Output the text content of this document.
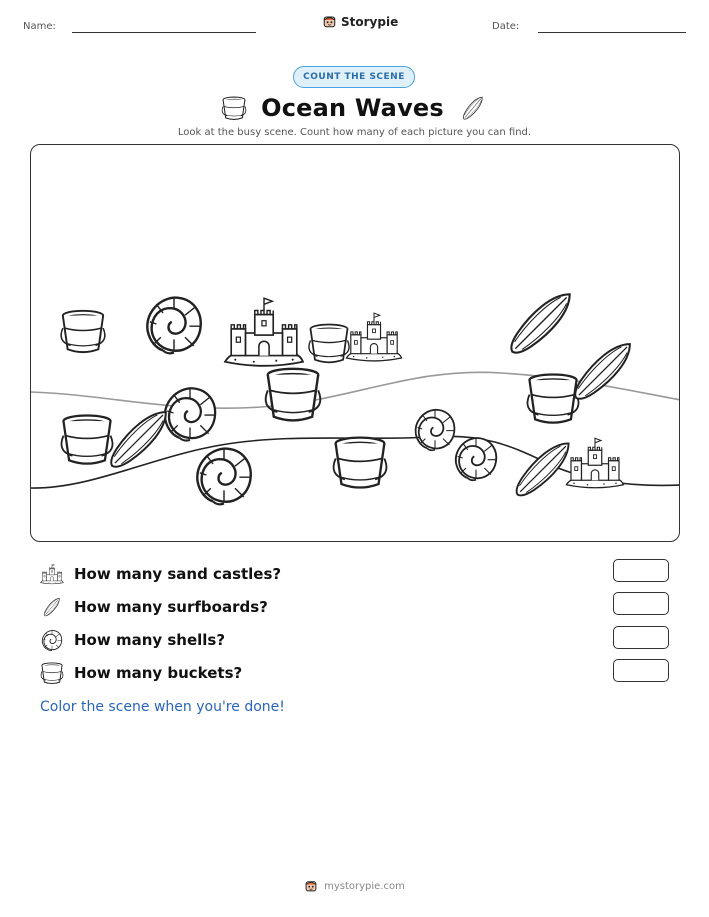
Name:	Storypie	Date:
COUNT THE SCENE
Ocean Waves
Look at the busy scene. Count how many of each picture you can find.
How many sand castles?
How many surfboards?
How many shells?
How many buckets?
Color the scene when you're done!
mystorypie.com
